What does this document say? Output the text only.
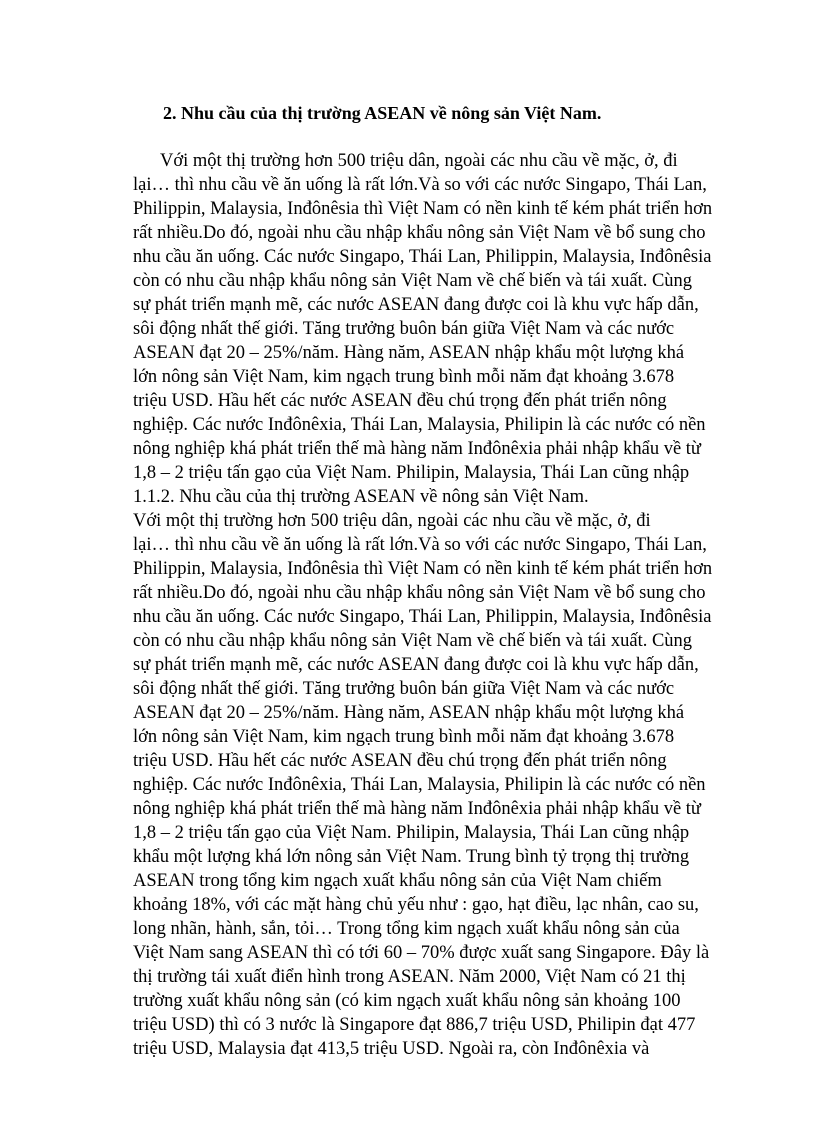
2. Nhu cầu của thị trường ASEAN về nông sản Việt Nam.
Với một thị trường hơn 500 triệu dân, ngoài các nhu cầu về mặc, ở, đi
lại… thì nhu cầu về ăn uống là rất lớn.Và so với các nước Singapo, Thái Lan,
Philippin, Malaysia, Inđônêsia thì Việt Nam có nền kinh tế kém phát triển hơn
rất nhiều.Do đó, ngoài nhu cầu nhập khẩu nông sản Việt Nam về bổ sung cho
nhu cầu ăn uống. Các nước Singapo, Thái Lan, Philippin, Malaysia, Inđônêsia
còn có nhu cầu nhập khẩu nông sản Việt Nam về chế biến và tái xuất. Cùng
sự phát triển mạnh mẽ, các nước ASEAN đang được coi là khu vực hấp dẫn,
sôi động nhất thế giới. Tăng trưởng buôn bán giữa Việt Nam và các nước
ASEAN đạt 20 – 25%/năm. Hàng năm, ASEAN nhập khẩu một lượng khá
lớn nông sản Việt Nam, kim ngạch trung bình mỗi năm đạt khoảng 3.678
triệu USD. Hầu hết các nước ASEAN đều chú trọng đến phát triển nông
nghiệp. Các nước Inđônêxia, Thái Lan, Malaysia, Philipin là các nước có nền
nông nghiệp khá phát triển thế mà hàng năm Inđônêxia phải nhập khẩu về từ
1,8 – 2 triệu tấn gạo của Việt Nam. Philipin, Malaysia, Thái Lan cũng nhập
1.1.2. Nhu cầu của thị trường ASEAN về nông sản Việt Nam.
Với một thị trường hơn 500 triệu dân, ngoài các nhu cầu về mặc, ở, đi
lại… thì nhu cầu về ăn uống là rất lớn.Và so với các nước Singapo, Thái Lan,
Philippin, Malaysia, Inđônêsia thì Việt Nam có nền kinh tế kém phát triển hơn
rất nhiều.Do đó, ngoài nhu cầu nhập khẩu nông sản Việt Nam về bổ sung cho
nhu cầu ăn uống. Các nước Singapo, Thái Lan, Philippin, Malaysia, Inđônêsia
còn có nhu cầu nhập khẩu nông sản Việt Nam về chế biến và tái xuất. Cùng
sự phát triển mạnh mẽ, các nước ASEAN đang được coi là khu vực hấp dẫn,
sôi động nhất thế giới. Tăng trưởng buôn bán giữa Việt Nam và các nước
ASEAN đạt 20 – 25%/năm. Hàng năm, ASEAN nhập khẩu một lượng khá
lớn nông sản Việt Nam, kim ngạch trung bình mỗi năm đạt khoảng 3.678
triệu USD. Hầu hết các nước ASEAN đều chú trọng đến phát triển nông
nghiệp. Các nước Inđônêxia, Thái Lan, Malaysia, Philipin là các nước có nền
nông nghiệp khá phát triển thế mà hàng năm Inđônêxia phải nhập khẩu về từ
1,8 – 2 triệu tấn gạo của Việt Nam. Philipin, Malaysia, Thái Lan cũng nhập
khẩu một lượng khá lớn nông sản Việt Nam. Trung bình tỷ trọng thị trường
ASEAN trong tổng kim ngạch xuất khẩu nông sản của Việt Nam chiếm
khoảng 18%, với các mặt hàng chủ yếu như : gạo, hạt điều, lạc nhân, cao su,
long nhãn, hành, sắn, tỏi… Trong tổng kim ngạch xuất khẩu nông sản của
Việt Nam sang ASEAN thì có tới 60 – 70% được xuất sang Singapore. Đây là
thị trường tái xuất điển hình trong ASEAN. Năm 2000, Việt Nam có 21 thị
trường xuất khẩu nông sản (có kim ngạch xuất khẩu nông sản khoảng 100
triệu USD) thì có 3 nước là Singapore đạt 886,7 triệu USD, Philipin đạt 477
triệu USD, Malaysia đạt 413,5 triệu USD. Ngoài ra, còn Inđônêxia và
